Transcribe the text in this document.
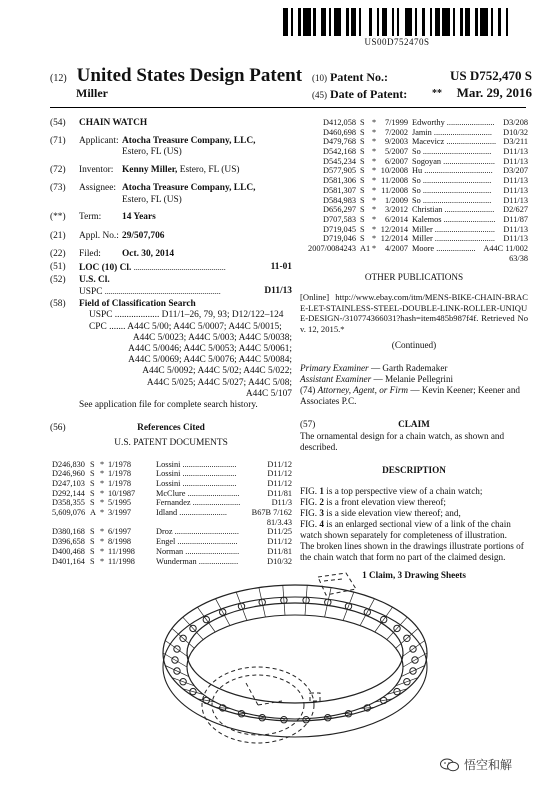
US00D752470S
(12) United States Design Patent
Miller
(10) Patent No.:	US D752,470 S
(45) Date of Patent: ** Mar. 29, 2016
(54)	CHAIN WATCH

(71)	Applicant: Atocha Treasure Company, LLC,
Estero, FL (US)
(72)	Inventor: Kenny Miller, Estero, FL (US)
(73)	Assignee: Atocha Treasure Company, LLC,
Estero, FL (US)
(**)	Term: 14 Years
(21)	Appl. No.: 29/507,706
(22)	Filed: Oct. 30, 2014
(51)	LOC (10) Cl. ..............................................	11-01
(52)	U.S. Cl.
USPC ..........................................................	D11/13
(58)	Field of Classification Search
USPC ................... D11/1–26, 79, 93; D12/122–124
CPC ....... A44C 5/00; A44C 5/0007; A44C 5/0015;
A44C 5/0023; A44C 5/003; A44C 5/0038;
A44C 5/0046; A44C 5/0053; A44C 5/0061;
A44C 5/0069; A44C 5/0076; A44C 5/0084;
A44C 5/0092; A44C 5/02; A44C 5/022;
A44C 5/025; A44C 5/027; A44C 5/08;
A44C 5/107
See application file for complete search history.
(56)	References Cited
U.S. PATENT DOCUMENTS
D246,830 S * 1/1978	Lossini ..........................	D11/12
D246,960 S * 1/1978	Lossini ..........................	D11/12
D247,103 S * 1/1978	Lossini ..........................	D11/12
D292,144 S * 10/1987	McClure .........................	D11/81
D358,355 S * 5/1995	Fernandez .......................	D11/3
5,609,076 A * 3/1997	Idland .......................	B67B 7/162
81/3.43
D380,168 S * 6/1997	Droz ...............................	D11/25
D396,658 S * 8/1998	Engel .............................	D11/12
D400,468 S * 11/1998	Norman ..........................	D11/81
D401,164 S * 11/1998	Wunderman ...................	D10/32
D412,058 S *	7/1999 Edworthy ....................... D3/208
D460,698 S *	7/2002 Jamin ............................ D10/32
D479,768 S *	9/2003 Macevicz ........................ D3/211
D542,168 S *	5/2007 So ................................. D11/13
D545,234 S *	6/2007 Sogoyan ......................... D11/13
D577,905 S * 10/2008 Hu ................................. D3/207
D581,306 S * 11/2008 So ................................. D11/13
D581,307 S * 11/2008 So ................................. D11/13
D584,983 S *	1/2009 So ................................. D11/13
D656,297 S *	3/2012 Christian ........................ D2/627
D707,583 S *	6/2014 Kalemos ......................... D11/87
D719,045 S * 12/2014 Miller ............................. D11/13
D719,046 S * 12/2014 Miller ............................. D11/13
2007/0084243 A1 *	4/2007 Moore ................... A44C 11/002
63/38
OTHER PUBLICATIONS
[Online] http://www.ebay.com/itm/MENS-BIKE-CHAIN-BRACE-LET-STAINLESS-STEEL-DOUBLE-LINK-ROLLER-UNIQUE-DESIGN-/310774366031?hash=item485b987f4f. Retrieved Nov. 12, 2015.*
(Continued)
Primary Examiner — Garth Rademaker
Assistant Examiner — Melanie Pellegrini
(74) Attorney, Agent, or Firm — Kevin Keener; Keener and Associates P.C.
(57)	CLAIM
The ornamental design for a chain watch, as shown and described.
DESCRIPTION
FIG. 1 is a top perspective view of a chain watch;
FIG. 2 is a front elevation view thereof;
FIG. 3 is a side elevation view thereof; and,
FIG. 4 is an enlarged sectional view of a link of the chain watch shown separately for completeness of illustration.
The broken lines shown in the drawings illustrate portions of the chain watch that form no part of the claimed design.
1 Claim, 3 Drawing Sheets
悟空和解
